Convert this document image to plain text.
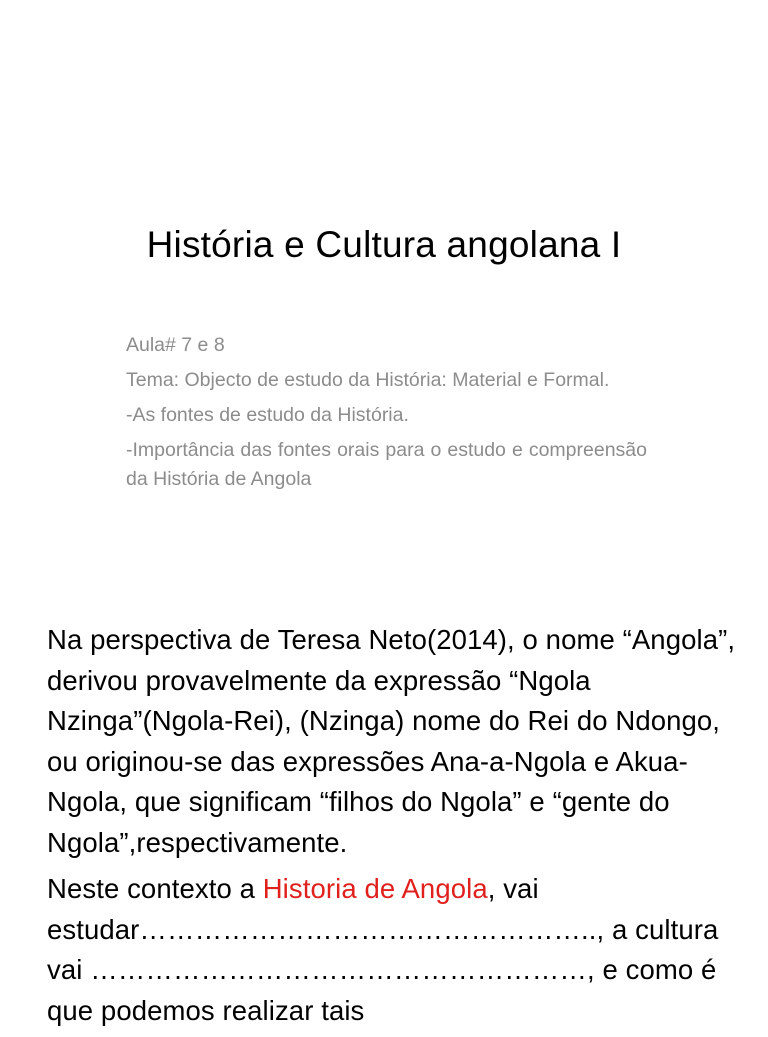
História e Cultura angolana I

Aula# 7 e 8

Tema: Objecto de estudo da História: Material e Formal.

-As fontes de estudo da História.

-Importância das fontes orais para o estudo e compreensão da História de Angola

Na perspectiva de Teresa Neto(2014), o nome “Angola”, derivou provavelmente da expressão “Ngola Nzinga”(Ngola-Rei), (Nzinga) nome do Rei do Ndongo, ou originou-se das expressões Ana-a-Ngola e Akua-Ngola, que significam “filhos do Ngola” e “gente do Ngola”,respectivamente.

Neste contexto a Historia de Angola, vai estudar………………………………………….., a cultura vai ………………………………………………, e como é que podemos realizar tais
